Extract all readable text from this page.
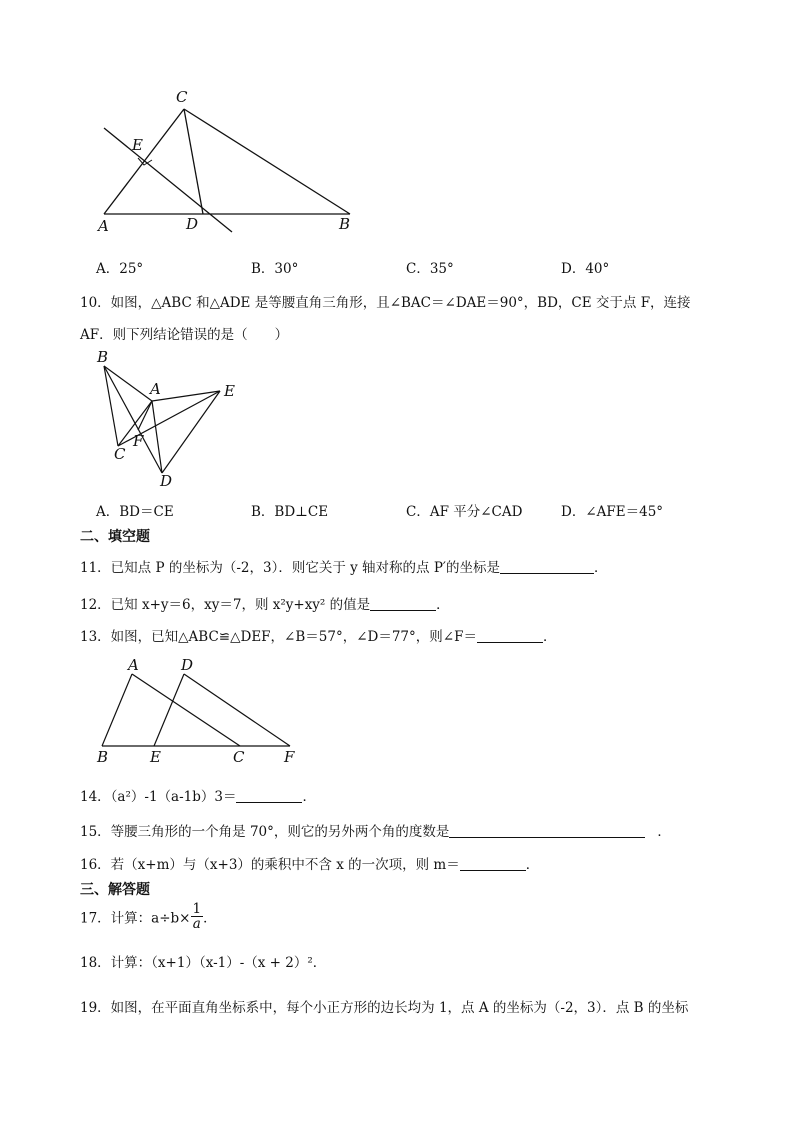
C
E
A	D	B
A．25°	B．30°	C．35°	D．40°
10．如图，△ABC 和△ADE 是等腰直角三角形，且∠BAC＝∠DAE＝90°，BD，CE 交于点 F，连接
AF．则下列结论错误的是（　　）
B
A	E
F
C
D
A．BD＝CE	B．BD⊥CE	C．AF 平分∠CAD	D．∠AFE＝45°
二、填空题
11．已知点 P 的坐标为（-2，3）．则它关于 y 轴对称的点 P′的坐标是	．
12．已知 x+y＝6，xy＝7，则 x²y+xy² 的值是	．
13．如图，已知△ABC≌△DEF，∠B＝57°，∠D＝77°，则∠F＝	．
A	D
B	E	C	F
14．（a²）-1（a-1b）3＝	．
15．等腰三角形的一个角是 70°，则它的另外两个角的度数是	．
16．若（x+m）与（x+3）的乘积中不含 x 的一次项，则 m＝	．
三、解答题
17．计算：$a\div b\times \frac{1}{a}$ ．
18．计算：（x+1）（x-1）-（x + 2）²．
19．如图，在平面直角坐标系中，每个小正方形的边长均为 1，点 A 的坐标为（-2，3）．点 B 的坐标
